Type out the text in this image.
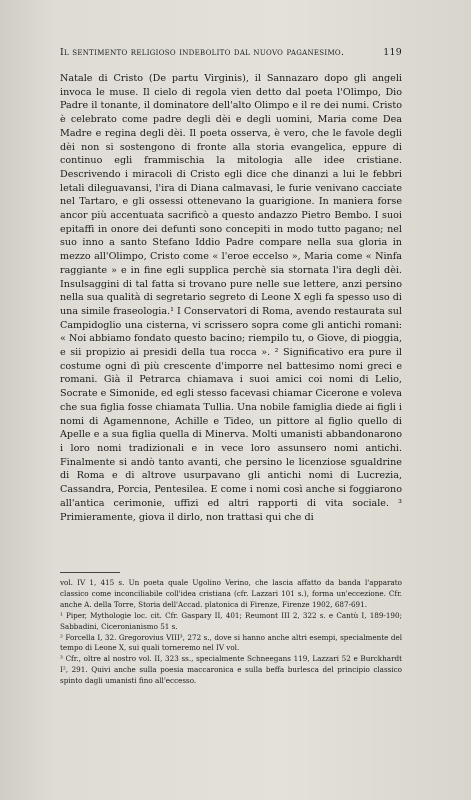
Il sentimento religioso indebolito dal nuovo paganesimo.	119

Natale di Cristo (De partu Virginis), il Sannazaro dopo gli angeli invoca le muse. Il cielo di regola vien detto dal poeta l'Olimpo, Dio Padre il tonante, il dominatore dell'alto Olimpo e il re dei numi. Cristo è celebrato come padre degli dèi e degli uomini, Maria come Dea Madre e regina degli dèi. Il poeta osserva, è vero, che le favole degli dèi non si sostengono di fronte alla storia evangelica, eppure di continuo egli frammischia la mitologia alle idee cristiane. Descrivendo i miracoli di Cristo egli dice che dinanzi a lui le febbri letali dileguavansi, l'ira di Diana calmavasi, le furie venivano cacciate nel Tartaro, e gli ossessi ottenevano la guarigione. In maniera forse ancor più accentuata sacrificò a questo andazzo Pietro Bembo. I suoi epitaffi in onore dei defunti sono concepiti in modo tutto pagano; nel suo inno a santo Stefano Iddio Padre compare nella sua gloria in mezzo all'Olimpo, Cristo come « l'eroe eccelso », Maria come « Ninfa raggiante » e in fine egli supplica perchè sia stornata l'ira degli dèi. Insulsaggini di tal fatta si trovano pure nelle sue lettere, anzi persino nella sua qualità di segretario segreto di Leone X egli fa spesso uso di una simile fraseologia.¹ I Conservatori di Roma, avendo restaurata sul Campidoglio una cisterna, vi scrissero sopra come gli antichi romani: « Noi abbiamo fondato questo bacino; riempilo tu, o Giove, di pioggia, e sii propizio ai presidi della tua rocca ». ² Significativo era pure il costume ogni dì più crescente d'imporre nel battesimo nomi greci e romani. Già il Petrarca chiamava i suoi amici coi nomi di Lelio, Socrate e Simonide, ed egli stesso facevasi chiamar Cicerone e voleva che sua figlia fosse chiamata Tullia. Una nobile famiglia diede ai figli i nomi di Agamennone, Achille e Tideo, un pittore al figlio quello di Apelle e a sua figlia quella di Minerva. Molti umanisti abbandonarono i loro nomi tradizionali e in vece loro assunsero nomi antichi. Finalmente si andò tanto avanti, che persino le licenziose sgualdrine di Roma e di altrove usurpavano gli antichi nomi di Lucrezia, Cassandra, Porcia, Pentesilea. E come i nomi così anche si foggiarono all'antica cerimonie, uffizi ed altri rapporti di vita sociale. ³ Primieramente, giova il dirlo, non trattasi qui che di

vol. IV 1, 415 s. Un poeta quale Ugolino Verino, che lascia affatto da banda l'apparato classico come inconciliabile coll'idea cristiana (cfr. Lazzari 101 s.), forma un'eccezione. Cfr. anche A. della Torre, Storia dell'Accad. platonica di Firenze, Firenze 1902, 687-691.

¹ Piper, Mythologie loc. cit. Cfr. Gaspary II, 401; Reumont III 2, 322 s. e Cantù I, 189-190; Sabbadini, Ciceronianismo 51 s.

² Forcella I, 32. Gregorovius VIII³, 272 s., dove si hanno anche altri esempi, specialmente del tempo di Leone X, sui quali torneremo nel IV vol.

³ Cfr., oltre al nostro vol. II, 323 ss., specialmente Schneegans 119, Lazzari 52 e Burckhardt I², 291. Quivi anche sulla poesia maccaronica e sulla beffa burlesca del principio classico spinto dagli umanisti fino all'eccesso.
